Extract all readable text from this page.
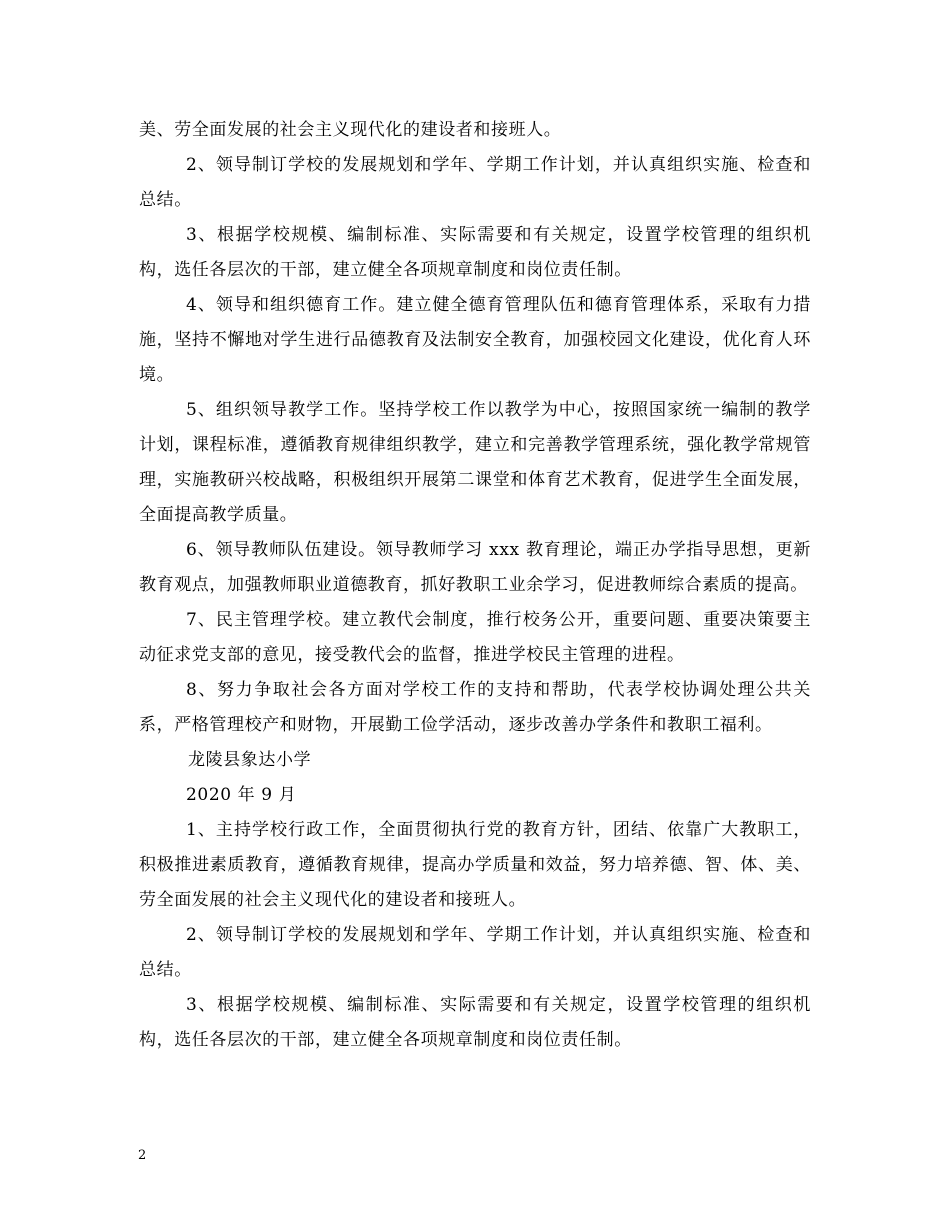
美、劳全面发展的社会主义现代化的建设者和接班人。

2、领导制订学校的发展规划和学年、学期工作计划，并认真组织实施、检查和总结。

3、根据学校规模、编制标准、实际需要和有关规定，设置学校管理的组织机构，选任各层次的干部，建立健全各项规章制度和岗位责任制。

4、领导和组织德育工作。建立健全德育管理队伍和德育管理体系，采取有力措施，坚持不懈地对学生进行品德教育及法制安全教育，加强校园文化建设，优化育人环境。

5、组织领导教学工作。坚持学校工作以教学为中心，按照国家统一编制的教学计划，课程标准，遵循教育规律组织教学，建立和完善教学管理系统，强化教学常规管理，实施教研兴校战略，积极组织开展第二课堂和体育艺术教育，促进学生全面发展，全面提高教学质量。

6、领导教师队伍建设。领导教师学习 xxx 教育理论，端正办学指导思想，更新教育观点，加强教师职业道德教育，抓好教职工业余学习，促进教师综合素质的提高。

7、民主管理学校。建立教代会制度，推行校务公开，重要问题、重要决策要主动征求党支部的意见，接受教代会的监督，推进学校民主管理的进程。

8、努力争取社会各方面对学校工作的支持和帮助，代表学校协调处理公共关系，严格管理校产和财物，开展勤工俭学活动，逐步改善办学条件和教职工福利。

龙陵县象达小学

2020 年 9 月

1、主持学校行政工作，全面贯彻执行党的教育方针，团结、依靠广大教职工，积极推进素质教育，遵循教育规律，提高办学质量和效益，努力培养德、智、体、美、劳全面发展的社会主义现代化的建设者和接班人。

2、领导制订学校的发展规划和学年、学期工作计划，并认真组织实施、检查和总结。

3、根据学校规模、编制标准、实际需要和有关规定，设置学校管理的组织机构，选任各层次的干部，建立健全各项规章制度和岗位责任制。

2
